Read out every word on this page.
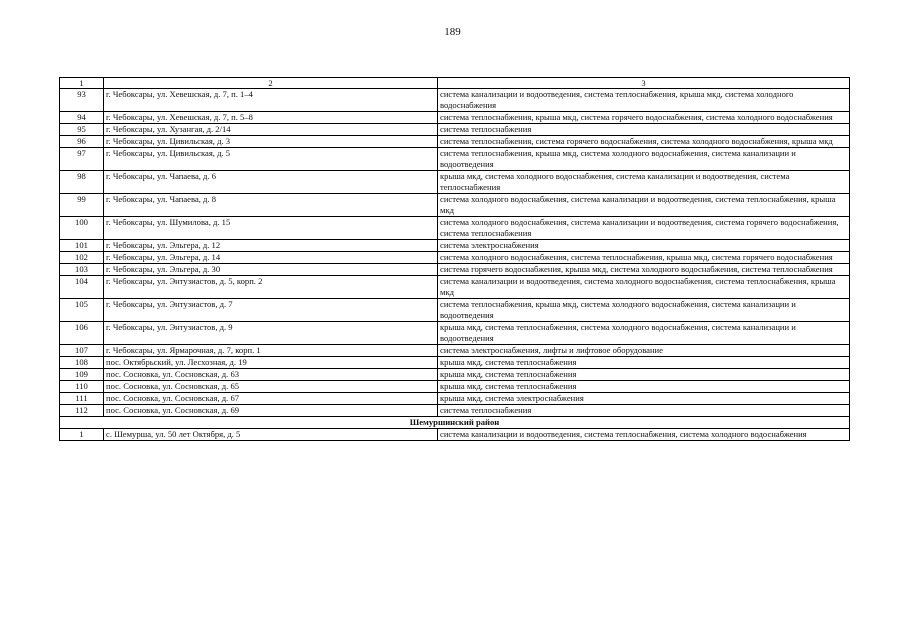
189
1	2	3
93	г. Чебоксары, ул. Хевешская, д. 7, п. 1–4	система канализации и водоотведения, система теплоснабжения, крыша мкд, система холодного водоснабжения
94	г. Чебоксары, ул. Хевешская, д. 7, п. 5–8	система теплоснабжения, крыша мкд, система горячего водоснабжения, система холодного водоснабжения
95	г. Чебоксары, ул. Хузангая, д. 2/14	система теплоснабжения
96	г. Чебоксары, ул. Цивильская, д. 3	система теплоснабжения, система горячего водоснабжения, система холодного водоснабжения, крыша мкд
97	г. Чебоксары, ул. Цивильская, д. 5	система теплоснабжения, крыша мкд, система холодного водоснабжения, система канализации и водоотведения
98	г. Чебоксары, ул. Чапаева, д. 6	крыша мкд, система холодного водоснабжения, система канализации и водоотведения, система теплоснабжения
99	г. Чебоксары, ул. Чапаева, д. 8	система холодного водоснабжения, система канализации и водоотведения, система теплоснабжения, крыша мкд
100	г. Чебоксары, ул. Шумилова, д. 15	система холодного водоснабжения, система канализации и водоотведения, система горячего водоснабжения, система теплоснабжения
101	г. Чебоксары, ул. Эльгера, д. 12	система электроснабжения
102	г. Чебоксары, ул. Эльгера, д. 14	система холодного водоснабжения, система теплоснабжения, крыша мкд, система горячего водоснабжения
103	г. Чебоксары, ул. Эльгера, д. 30	система горячего водоснабжения, крыша мкд, система холодного водоснабжения, система теплоснабжения
104	г. Чебоксары, ул. Энтузиастов, д. 5, корп. 2	система канализации и водоотведения, система холодного водоснабжения, система теплоснабжения, крыша мкд
105	г. Чебоксары, ул. Энтузиастов, д. 7	система теплоснабжения, крыша мкд, система холодного водоснабжения, система канализации и водоотведения
106	г. Чебоксары, ул. Энтузиастов, д. 9	крыша мкд, система теплоснабжения, система холодного водоснабжения, система канализации и водоотведения
107	г. Чебоксары, ул. Ярмарочная, д. 7, корп. 1	система электроснабжения, лифты и лифтовое оборудование
108	пос. Октябрьский, ул. Лесхозная, д. 19	крыша мкд, система теплоснабжения
109	пос. Сосновка, ул. Сосновская, д. 63	крыша мкд, система теплоснабжения
110	пос. Сосновка, ул. Сосновская, д. 65	крыша мкд, система теплоснабжения
111	пос. Сосновка, ул. Сосновская, д. 67	крыша мкд, система электроснабжения
112	пос. Сосновка, ул. Сосновская, д. 69	система теплоснабжения
Шемуршинский район		
1	с. Шемурша, ул. 50 лет Октября, д. 5	система канализации и водоотведения, система теплоснабжения, система холодного водоснабжения
